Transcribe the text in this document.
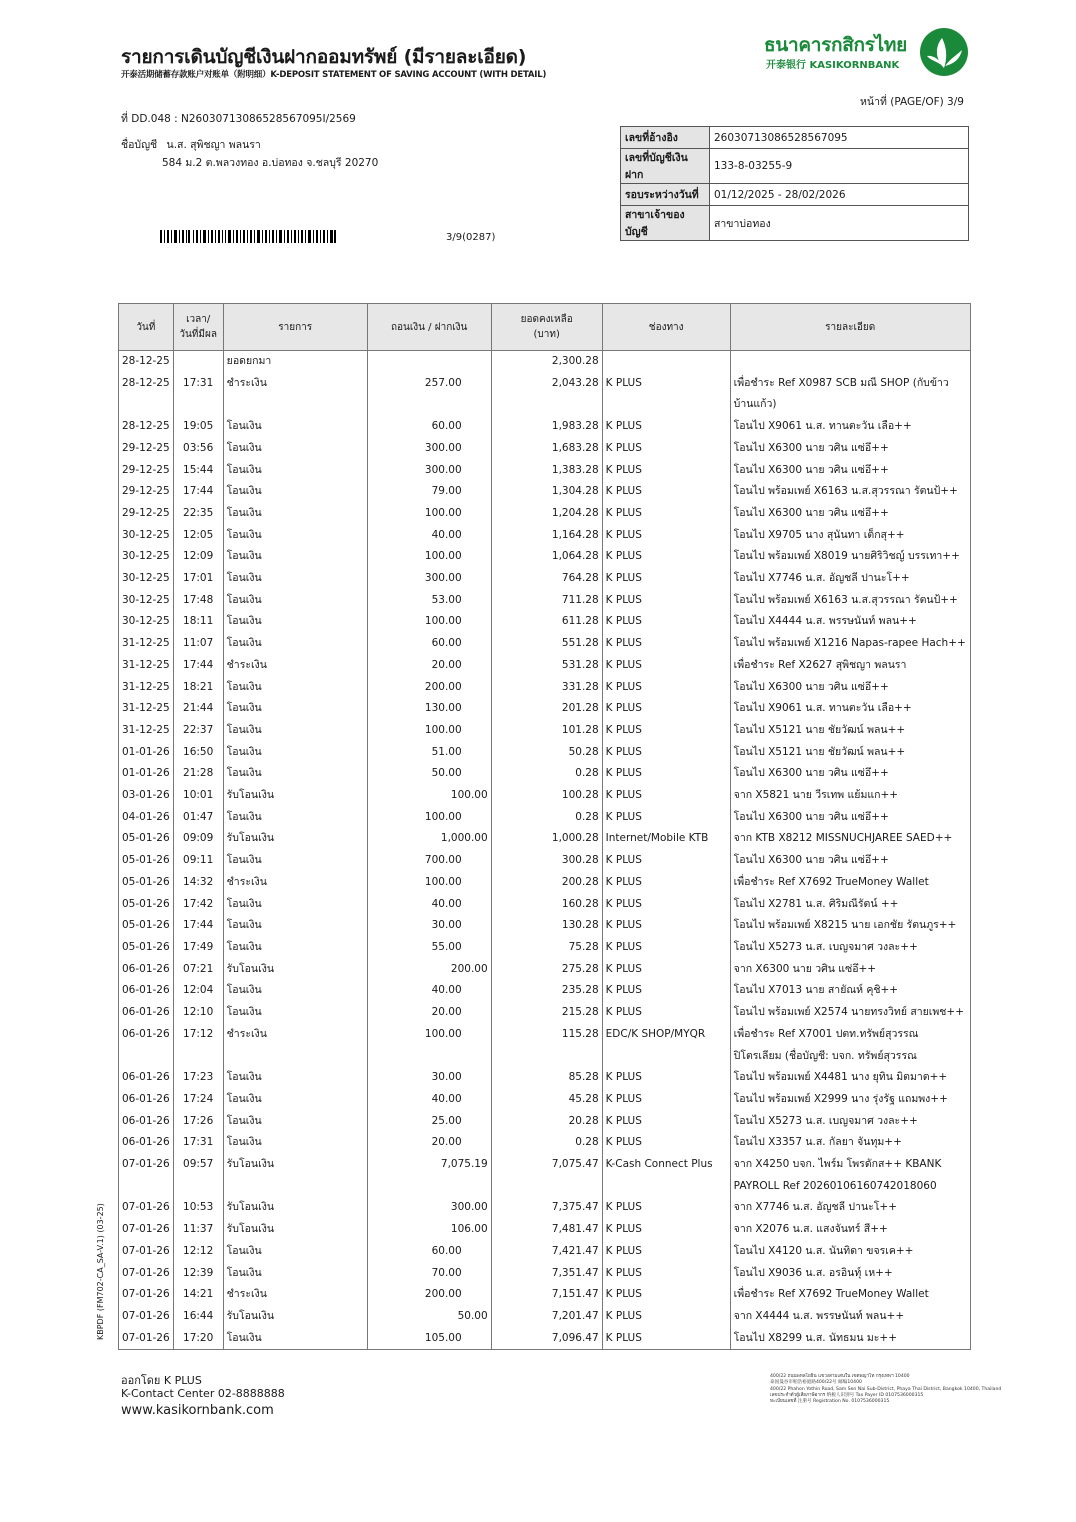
รายการเดินบัญชีเงินฝากออมทรัพย์ (มีรายละเอียด)
开泰活期储蓄存款账户对账单（附明细）K-DEPOSIT STATEMENT OF SAVING ACCOUNT (WITH DETAIL)
ธนาคารกสิกรไทย
开泰银行 KASIKORNBANK
หน้าที่ (PAGE/OF) 3/9
ที่ DD.048 : N26030713086528567095I/2569
ชื่อบัญชี น.ส. สุพิชญา พลนรา
584 ม.2 ต.พลวงทอง อ.บ่อทอง จ.ชลบุรี 20270
3/9(0287)
เลขที่อ้างอิง	26030713086528567095
เลขที่บัญชีเงินฝาก	133-8-03255-9
รอบระหว่างวันที่	01/12/2025 - 28/02/2026
สาขาเจ้าของบัญชี	สาขาบ่อทอง
วันที่	เวลา/
วันที่มีผล	รายการ	ถอนเงิน / ฝากเงิน	ยอดคงเหลือ
(บาท)	ช่องทาง	รายละเอียด
28-12-25		ยอดยกมา		2,300.28		

28-12-25	17:31	ชำระเงิน	257.00	2,043.28	K PLUS	เพื่อชำระ Ref X0987 SCB มณี SHOP (กับข้าว
บ้านแก้ว)

28-12-25	19:05	โอนเงิน	60.00	1,983.28	K PLUS	โอนไป X9061 น.ส. ทานตะวัน เลือ++

29-12-25	03:56	โอนเงิน	300.00	1,683.28	K PLUS	โอนไป X6300 นาย วศิน แซ่อึ++

29-12-25	15:44	โอนเงิน	300.00	1,383.28	K PLUS	โอนไป X6300 นาย วศิน แซ่อึ++

29-12-25	17:44	โอนเงิน	79.00	1,304.28	K PLUS	โอนไป พร้อมเพย์ X6163 น.ส.สุวรรณา รัตนป้++

29-12-25	22:35	โอนเงิน	100.00	1,204.28	K PLUS	โอนไป X6300 นาย วศิน แซ่อึ++

30-12-25	12:05	โอนเงิน	40.00	1,164.28	K PLUS	โอนไป X9705 นาง สุนันทา เต็กสุ++

30-12-25	12:09	โอนเงิน	100.00	1,064.28	K PLUS	โอนไป พร้อมเพย์ X8019 นายศิริวิชญ์ บรรเทา++

30-12-25	17:01	โอนเงิน	300.00	764.28	K PLUS	โอนไป X7746 น.ส. อัญชลี ปานะโ++

30-12-25	17:48	โอนเงิน	53.00	711.28	K PLUS	โอนไป พร้อมเพย์ X6163 น.ส.สุวรรณา รัตนป้++

30-12-25	18:11	โอนเงิน	100.00	611.28	K PLUS	โอนไป X4444 น.ส. พรรษนันท์ พลน++

31-12-25	11:07	โอนเงิน	60.00	551.28	K PLUS	โอนไป พร้อมเพย์ X1216 Napas-rapee Hach++

31-12-25	17:44	ชำระเงิน	20.00	531.28	K PLUS	เพื่อชำระ Ref X2627 สุพิชญา พลนรา

31-12-25	18:21	โอนเงิน	200.00	331.28	K PLUS	โอนไป X6300 นาย วศิน แซ่อึ++

31-12-25	21:44	โอนเงิน	130.00	201.28	K PLUS	โอนไป X9061 น.ส. ทานตะวัน เลือ++

31-12-25	22:37	โอนเงิน	100.00	101.28	K PLUS	โอนไป X5121 นาย ชัยวัฒน์ พลน++

01-01-26	16:50	โอนเงิน	51.00	50.28	K PLUS	โอนไป X5121 นาย ชัยวัฒน์ พลน++

01-01-26	21:28	โอนเงิน	50.00	0.28	K PLUS	โอนไป X6300 นาย วศิน แซ่อึ++

03-01-26	10:01	รับโอนเงิน	100.00	100.28	K PLUS	จาก X5821 นาย วีรเทพ แย้มแก++

04-01-26	01:47	โอนเงิน	100.00	0.28	K PLUS	โอนไป X6300 นาย วศิน แซ่อึ++

05-01-26	09:09	รับโอนเงิน	1,000.00	1,000.28	Internet/Mobile KTB	จาก KTB X8212 MISSNUCHJAREE SAED++

05-01-26	09:11	โอนเงิน	700.00	300.28	K PLUS	โอนไป X6300 นาย วศิน แซ่อึ++

05-01-26	14:32	ชำระเงิน	100.00	200.28	K PLUS	เพื่อชำระ Ref X7692 TrueMoney Wallet

05-01-26	17:42	โอนเงิน	40.00	160.28	K PLUS	โอนไป X2781 น.ส. ศิริมณีรัตน์ ++

05-01-26	17:44	โอนเงิน	30.00	130.28	K PLUS	โอนไป พร้อมเพย์ X8215 นาย เอกชัย รัตนภูร++

05-01-26	17:49	โอนเงิน	55.00	75.28	K PLUS	โอนไป X5273 น.ส. เบญจมาศ วงละ++

06-01-26	07:21	รับโอนเงิน	200.00	275.28	K PLUS	จาก X6300 นาย วศิน แซ่อึ++

06-01-26	12:04	โอนเงิน	40.00	235.28	K PLUS	โอนไป X7013 นาย สายัณห์ คุชิ++

06-01-26	12:10	โอนเงิน	20.00	215.28	K PLUS	โอนไป พร้อมเพย์ X2574 นายทรงวิทย์ สายเพช++

06-01-26	17:12	ชำระเงิน	100.00	115.28	EDC/K SHOP/MYQR	เพื่อชำระ Ref X7001 ปตท.ทรัพย์สุวรรณ
ปิโตรเลียม (ชื่อบัญชี: บจก. ทรัพย์สุวรรณ

06-01-26	17:23	โอนเงิน	30.00	85.28	K PLUS	โอนไป พร้อมเพย์ X4481 นาง ยุทิน มิตมาต++

06-01-26	17:24	โอนเงิน	40.00	45.28	K PLUS	โอนไป พร้อมเพย์ X2999 นาง รุ่งรัฐ แถมพง++

06-01-26	17:26	โอนเงิน	25.00	20.28	K PLUS	โอนไป X5273 น.ส. เบญจมาศ วงละ++

06-01-26	17:31	โอนเงิน	20.00	0.28	K PLUS	โอนไป X3357 น.ส. กัลยา จันทุม++

07-01-26	09:57	รับโอนเงิน	7,075.19	7,075.47	K-Cash Connect Plus	จาก X4250 บจก. ไพร์ม โพรดักส++ KBANK
PAYROLL Ref 20260106160742018060

07-01-26	10:53	รับโอนเงิน	300.00	7,375.47	K PLUS	จาก X7746 น.ส. อัญชลี ปานะโ++

07-01-26	11:37	รับโอนเงิน	106.00	7,481.47	K PLUS	จาก X2076 น.ส. แสงจันทร์ สี++

07-01-26	12:12	โอนเงิน	60.00	7,421.47	K PLUS	โอนไป X4120 น.ส. นันทิดา ขจรเค++

07-01-26	12:39	โอนเงิน	70.00	7,351.47	K PLUS	โอนไป X9036 น.ส. อรอินทุ์ เห++

07-01-26	14:21	ชำระเงิน	200.00	7,151.47	K PLUS	เพื่อชำระ Ref X7692 TrueMoney Wallet

07-01-26	16:44	รับโอนเงิน	50.00	7,201.47	K PLUS	จาก X4444 น.ส. พรรษนันท์ พลน++

07-01-26	17:20	โอนเงิน	105.00	7,096.47	K PLUS	โอนไป X8299 น.ส. นัทธมน มะ++
KBPDF (FM702-CA_SA-V.1) (03-25)
ออกโดย K PLUS
K-Contact Center 02-8888888
www.kasikornbank.com
400/22 ถนนพหลโยธิน แขวงสามเสนใน เขตพญาไท กรุงเทพฯ 10400
泰国曼谷市帕浩裕庭路400/22号 邮编10400
400/22 Phahon Yothin Road, Sam Sen Nai Sub-District, Phaya Thai District, Bangkok 10400, Thailand
เลขประจำตัวผู้เสียภาษีอากร 纳税人识别号 Tax Payer ID 0107536000315
ทะเบียนเลขที่ 注册号 Registration No. 0107536000315
